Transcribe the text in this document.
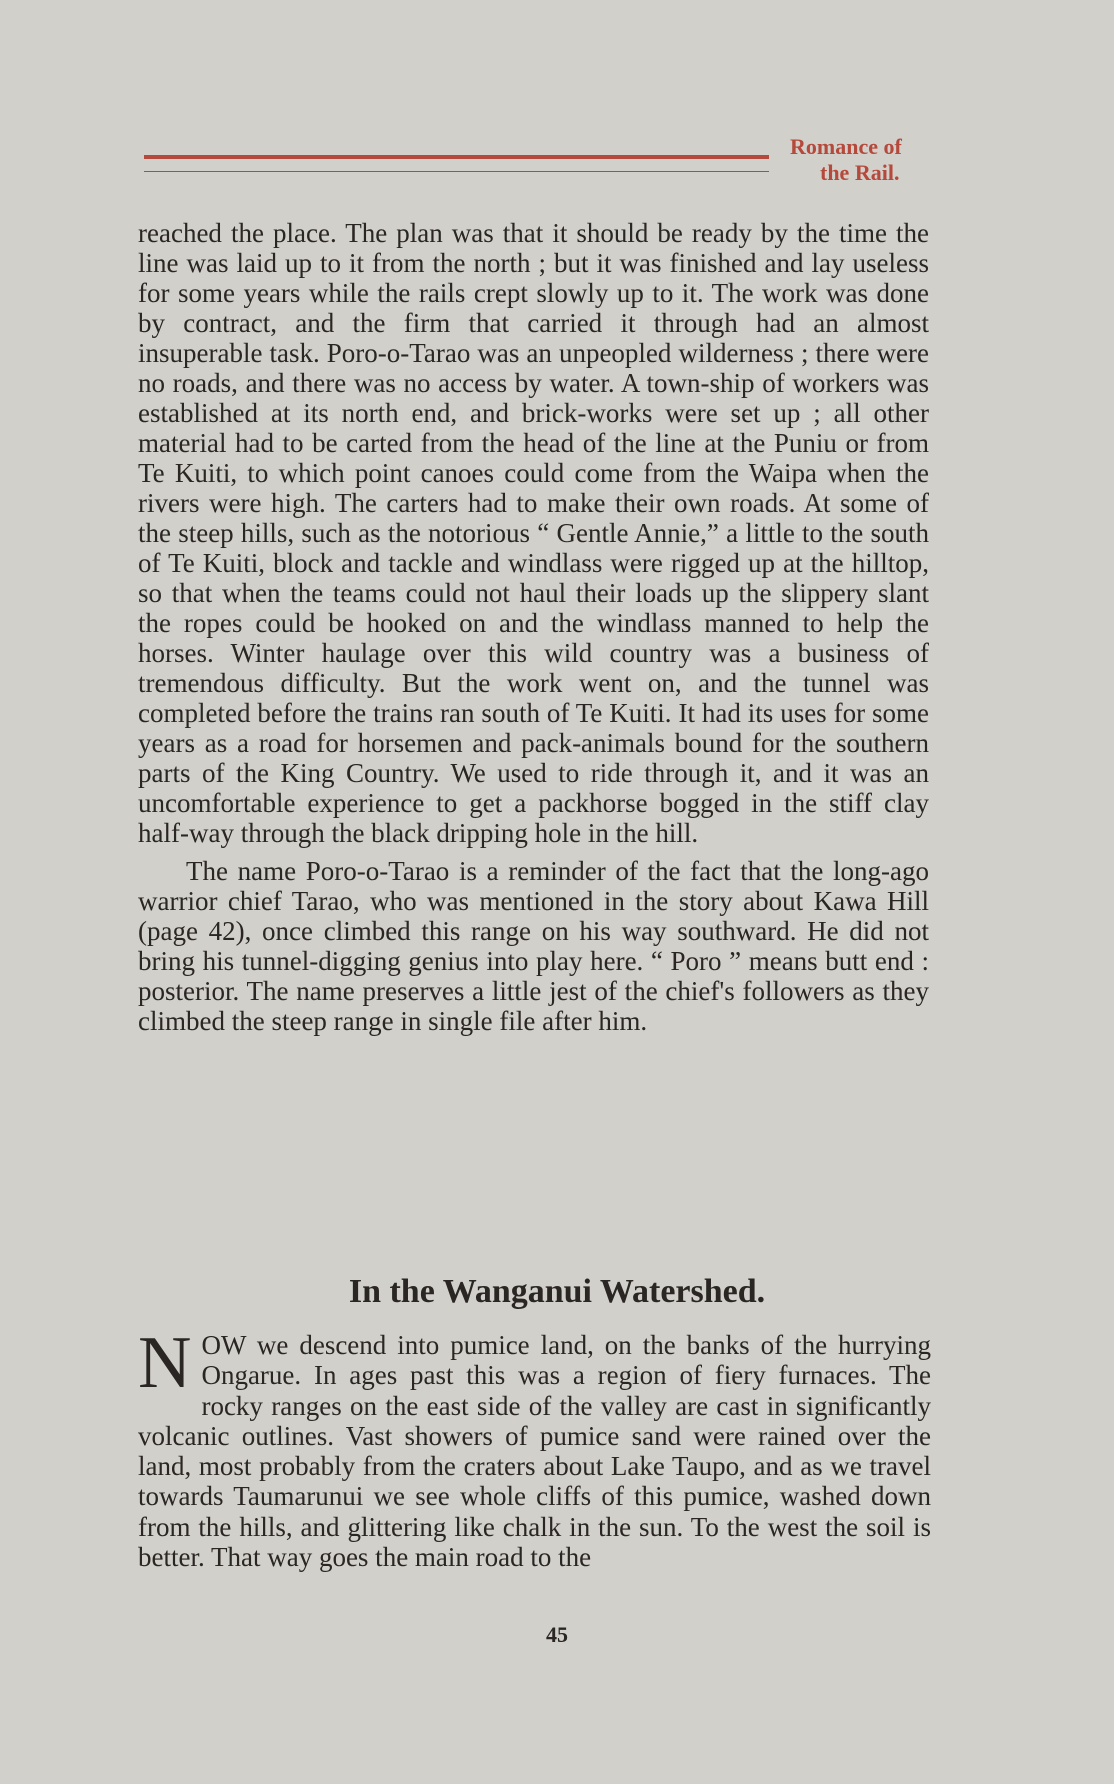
Romance of
the Rail.

reached the place. The plan was that it should be ready by the time the line was laid up to it from the north ; but it was finished and lay useless for some years while the rails crept slowly up to it. The work was done by contract, and the firm that carried it through had an almost insuperable task. Poro-o-Tarao was an unpeopled wilderness ; there were no roads, and there was no access by water. A town-ship of workers was established at its north end, and brick-works were set up ; all other material had to be carted from the head of the line at the Puniu or from Te Kuiti, to which point canoes could come from the Waipa when the rivers were high. The carters had to make their own roads. At some of the steep hills, such as the notorious “ Gentle Annie,” a little to the south of Te Kuiti, block and tackle and windlass were rigged up at the hilltop, so that when the teams could not haul their loads up the slippery slant the ropes could be hooked on and the windlass manned to help the horses. Winter haulage over this wild country was a business of tremendous difficulty. But the work went on, and the tunnel was completed before the trains ran south of Te Kuiti. It had its uses for some years as a road for horsemen and pack-animals bound for the southern parts of the King Country. We used to ride through it, and it was an uncomfortable experience to get a packhorse bogged in the stiff clay half-way through the black dripping hole in the hill.

The name Poro-o-Tarao is a reminder of the fact that the long-ago warrior chief Tarao, who was mentioned in the story about Kawa Hill (page 42), once climbed this range on his way southward. He did not bring his tunnel-digging genius into play here. “ Poro ” means butt end : posterior. The name preserves a little jest of the chief's followers as they climbed the steep range in single file after him.

In the Wanganui Watershed.

NOW we descend into pumice land, on the banks of the hurrying Ongarue. In ages past this was a region of fiery furnaces. The rocky ranges on the east side of the valley are cast in significantly volcanic outlines. Vast showers of pumice sand were rained over the land, most probably from the craters about Lake Taupo, and as we travel towards Taumarunui we see whole cliffs of this pumice, washed down from the hills, and glittering like chalk in the sun. To the west the soil is better. That way goes the main road to the

45
